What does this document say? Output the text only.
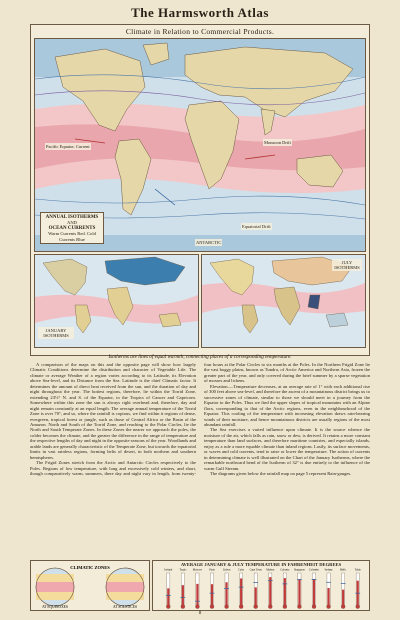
The Harmsworth Atlas
Climate in Relation to Commercial Products.
Pacific Equator. Current
Equatorial Drift
Monsoon Drift
ANTARCTIC
ANNUAL ISOTHERMS
AND
OCEAN CURRENTS
Warm Currents Red. Cold Currents Blue
JANUARY ISOTHERMS
JULY ISOTHERMS
Isotherms are lines of equal warmth, connecting places of a corresponding temperature.

A comparison of the maps on this and the opposite page will show how largely Climatic Conditions determine the distribution and character of Vegetable Life. The climate or average Weather of a region varies according to its Latitude, its Elevation above Sea-level, and its Distance from the Sea. Latitude is the chief Climatic factor. It determines the amount of direct heat received from the sun, and the duration of day and night throughout the year. The hottest regions, therefore, lie within the Torrid Zone, extending 23½° N. and S. of the Equator, to the Tropics of Cancer and Capricorn. Somewhere within this zone the sun is always right overhead and, therefore, day and night remain constantly at an equal length. The average annual temperature of the Torrid Zone is over 70°, and so, where the rainfall is copious, we find within it regions of dense, evergreen, tropical forest or jungle, such as those of Central Africa or the Basin of the Amazon. North and South of the Torrid Zone, and reaching to the Polar Circles, lie the North and South Temperate Zones. In these Zones the nearer we approach the poles, the colder becomes the climate, and the greater the difference in the range of temperature and the respective lengths of day and night in the opposite seasons of the year. Woodlands and arable lands are generally characteristic of the Temperate Zone, but towards the equatorial limits in vast rainless regions, forming belts of desert, in both northern and southern hemispheres.

The Frigid Zones stretch from the Arctic and Antarctic Circles respectively to the Poles. Regions of low temperature, with long and excessively cold winters, and short, though comparatively warm, summers, there day and night vary in length, from twenty-four hours at the Polar Circles to six months at the Poles. In the Northern Frigid Zone lie the vast boggy plains, known as Tundra, of Arctic America and Northern Asia, frozen the greater part of the year, and only covered during the brief summer by a sparse vegetation of mosses and lichens.

Elevation.—Temperature decreases, at an average rate of 1° with each additional rise of 300 feet above sea-level, and therefore the ascent of a mountainous district brings us to successive zones of climate, similar to those we should meet in a journey from the Equator to the Poles. Thus we find the upper slopes of tropical mountains with an Alpine flora, corresponding to that of the Arctic regions, even in the neighbourhood of the Equator. This cooling of the temperature with increasing elevation draws rain-bearing winds of their moisture, and hence mountainous districts are usually regions of the most abundant rainfall.

The Sea exercises a varied influence upon climate. It is the source whence the moisture of the air, which falls as rain, snow or dew, is derived. It retains a more constant temperature than land surfaces, and therefore maritime countries, and especially islands, enjoy as a rule a more equable climate than inland regions. Lastly, its surface movements, or waves and cold currents, tend to raise or lower the temperature. The action of currents in determining climate is well illustrated on the Chart of the January Isotherms, where the remarkable northward bend of the Isotherm of 32° is due entirely to the influence of the warm Gulf Stream.

The diagrams given below the rainfall map on page 5 represent Rain-gauges.

CLIMATIC ZONES
AT EQUINOXES	AT SOLSTICES
AVERAGE JANUARY & JULY TEMPERATURE IN FAHRENHEIT DEGREES
Iceland	Tropic Moscow	Paris	Lisbon	Cairo Cape Town Madras Calcutta Singapore Colombo Sydney	Melb.	Tokio
8
